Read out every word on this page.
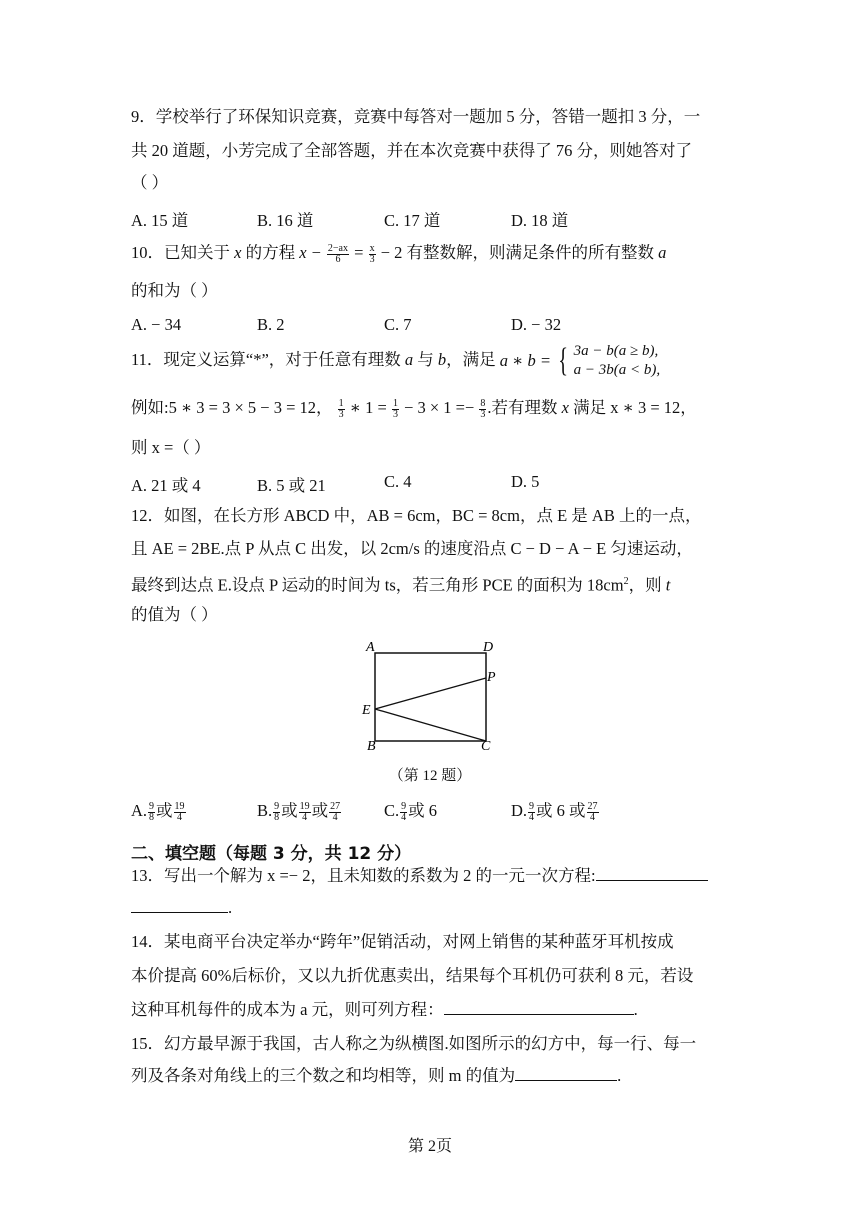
9．学校举行了环保知识竞赛，竞赛中每答对一题加 5 分，答错一题扣 3 分，一
共 20 道题，小芳完成了全部答题，并在本次竞赛中获得了 76 分，则她答对了
（ ）
A. 15 道	B. 16 道	C. 17 道	D. 18 道
10．已知关于 x 的方程 $x - \frac{2-ax}{6} = \frac{x}{3} - 2$ 有整数解，则满足条件的所有整数 a
的和为（ ）
A. − 34	B. 2	C. 7	D. − 32
11．现定义运算“*”，对于任意有理数 a 与 b，满足 a ∗ b = { 3a − b(a ≥ b),
a − 3b(a < b),
例如:5 ∗ 3 = 3 × 5 − 3 = 12， $\frac{1}{3}$ ∗ $1 = \frac{1}{3} - 3 \times 1 =- \frac{8}{3}$ .若有理数 x 满足 x ∗ 3 = 12，
则 x =（ ）
A. 21 或 4	B. 5 或 21	C. 4	D. 5
12．如图，在长方形 ABCD 中，AB = 6cm，BC = 8cm，点 E 是 AB 上的一点，
且 AE = 2BE.点 P 从点 C 出发，以 2cm/s 的速度沿点 C − D − A − E 匀速运动，
最终到达点 E.设点 P 运动的时间为 ts，若三角形 PCE 的面积为 $18cm^2$，则 t
的值为（ ）
A	D
P
E
B	C
（第 12 题）
A. $\frac{9}{8}$ 或 $\frac{19}{4}$	B. $\frac{9}{8}$ 或 $\frac{19}{4}$ 或 $\frac{27}{4}$	C. $\frac{9}{4}$ 或 6	D. $\frac{9}{4}$ 或 6 或 $\frac{27}{4}$
二、填空题（每题 3 分，共 12 分）
13．写出一个解为 x =− 2，且未知数的系数为 2 的一元一次方程:
.
14．某电商平台决定举办“跨年”促销活动，对网上销售的某种蓝牙耳机按成
本价提高 60%后标价，又以九折优惠卖出，结果每个耳机仍可获利 8 元，若设
这种耳机每件的成本为 a 元，则可列方程：	.
15．幻方最早源于我国，古人称之为纵横图.如图所示的幻方中，每一行、每一
列及各条对角线上的三个数之和均相等，则 m 的值为	.
第 2页
